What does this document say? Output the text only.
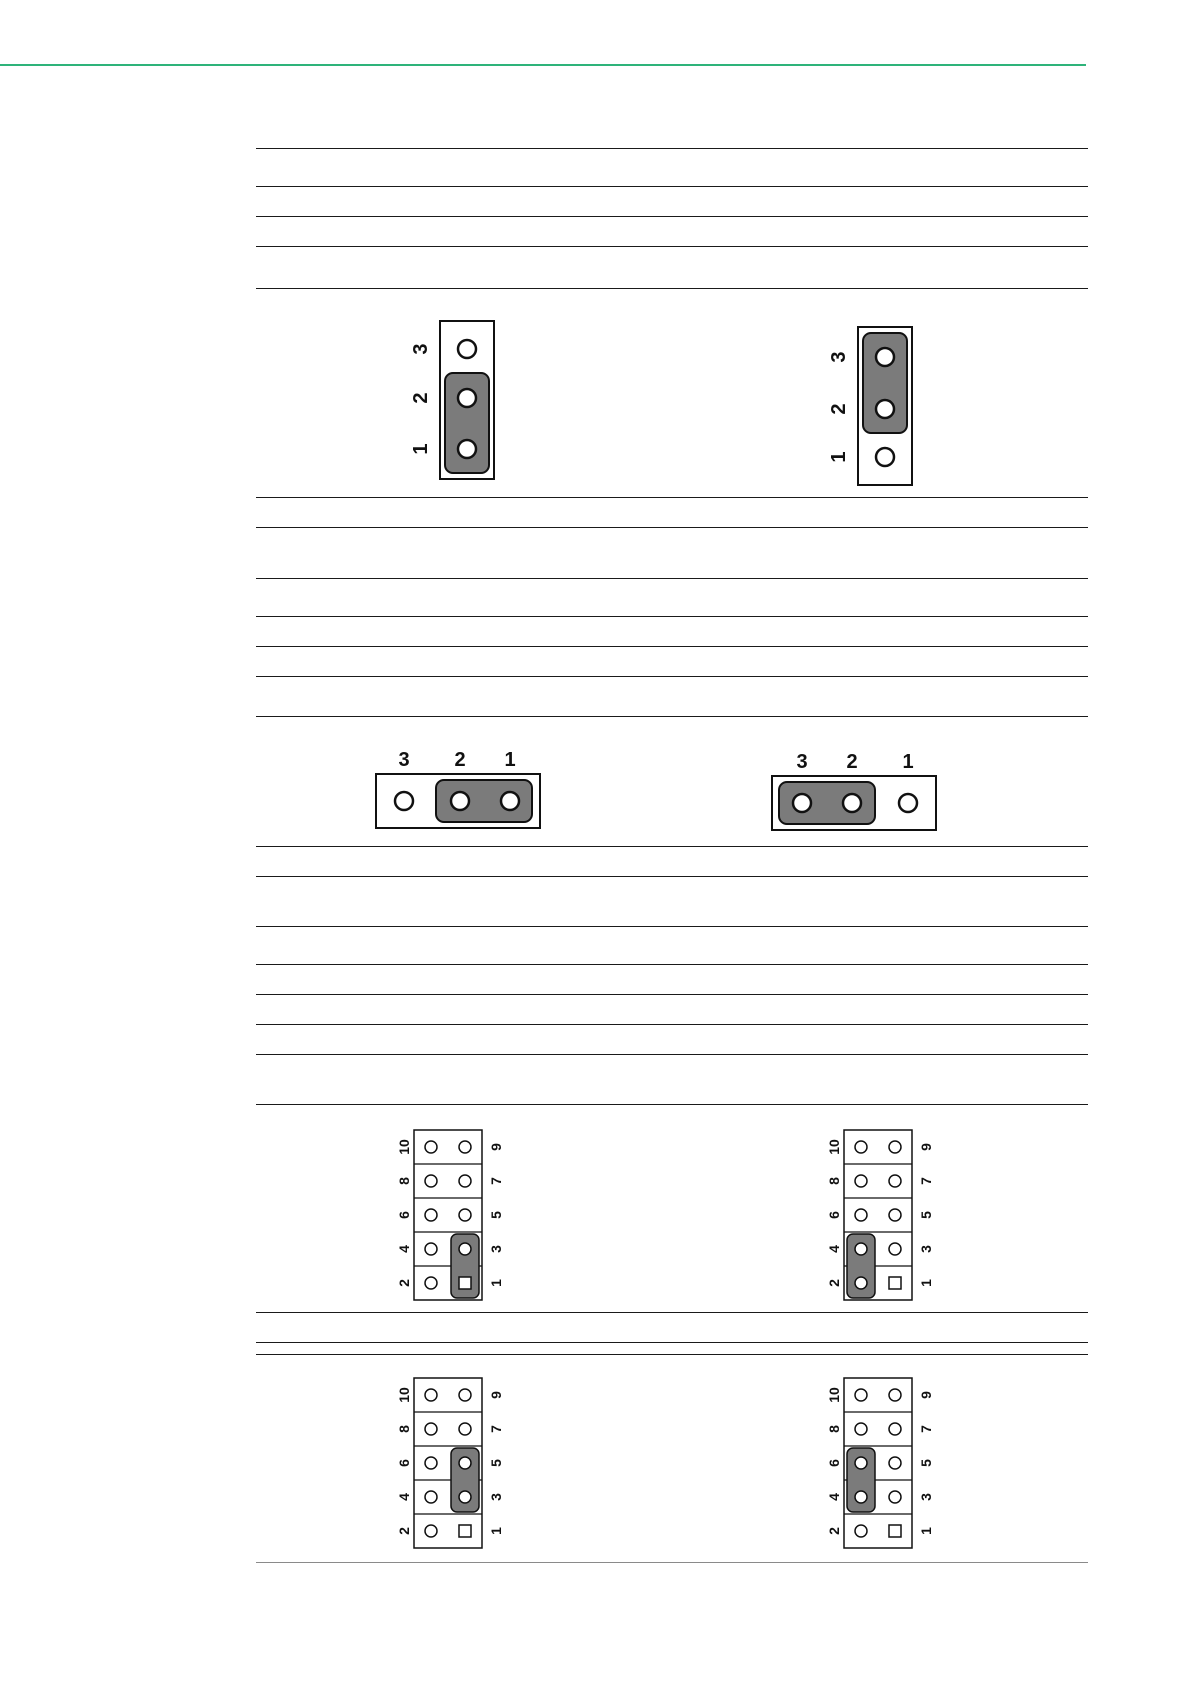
3
2
1
3
2
1
3 2 1	3 2 1
10	9
8	7
6	5
4	3
2	1
10	9
8	7
6	5
4	3
2	1
10	9
8	7
6	5
4	3
2	1
10	9
8	7
6	5
4	3
2	1
